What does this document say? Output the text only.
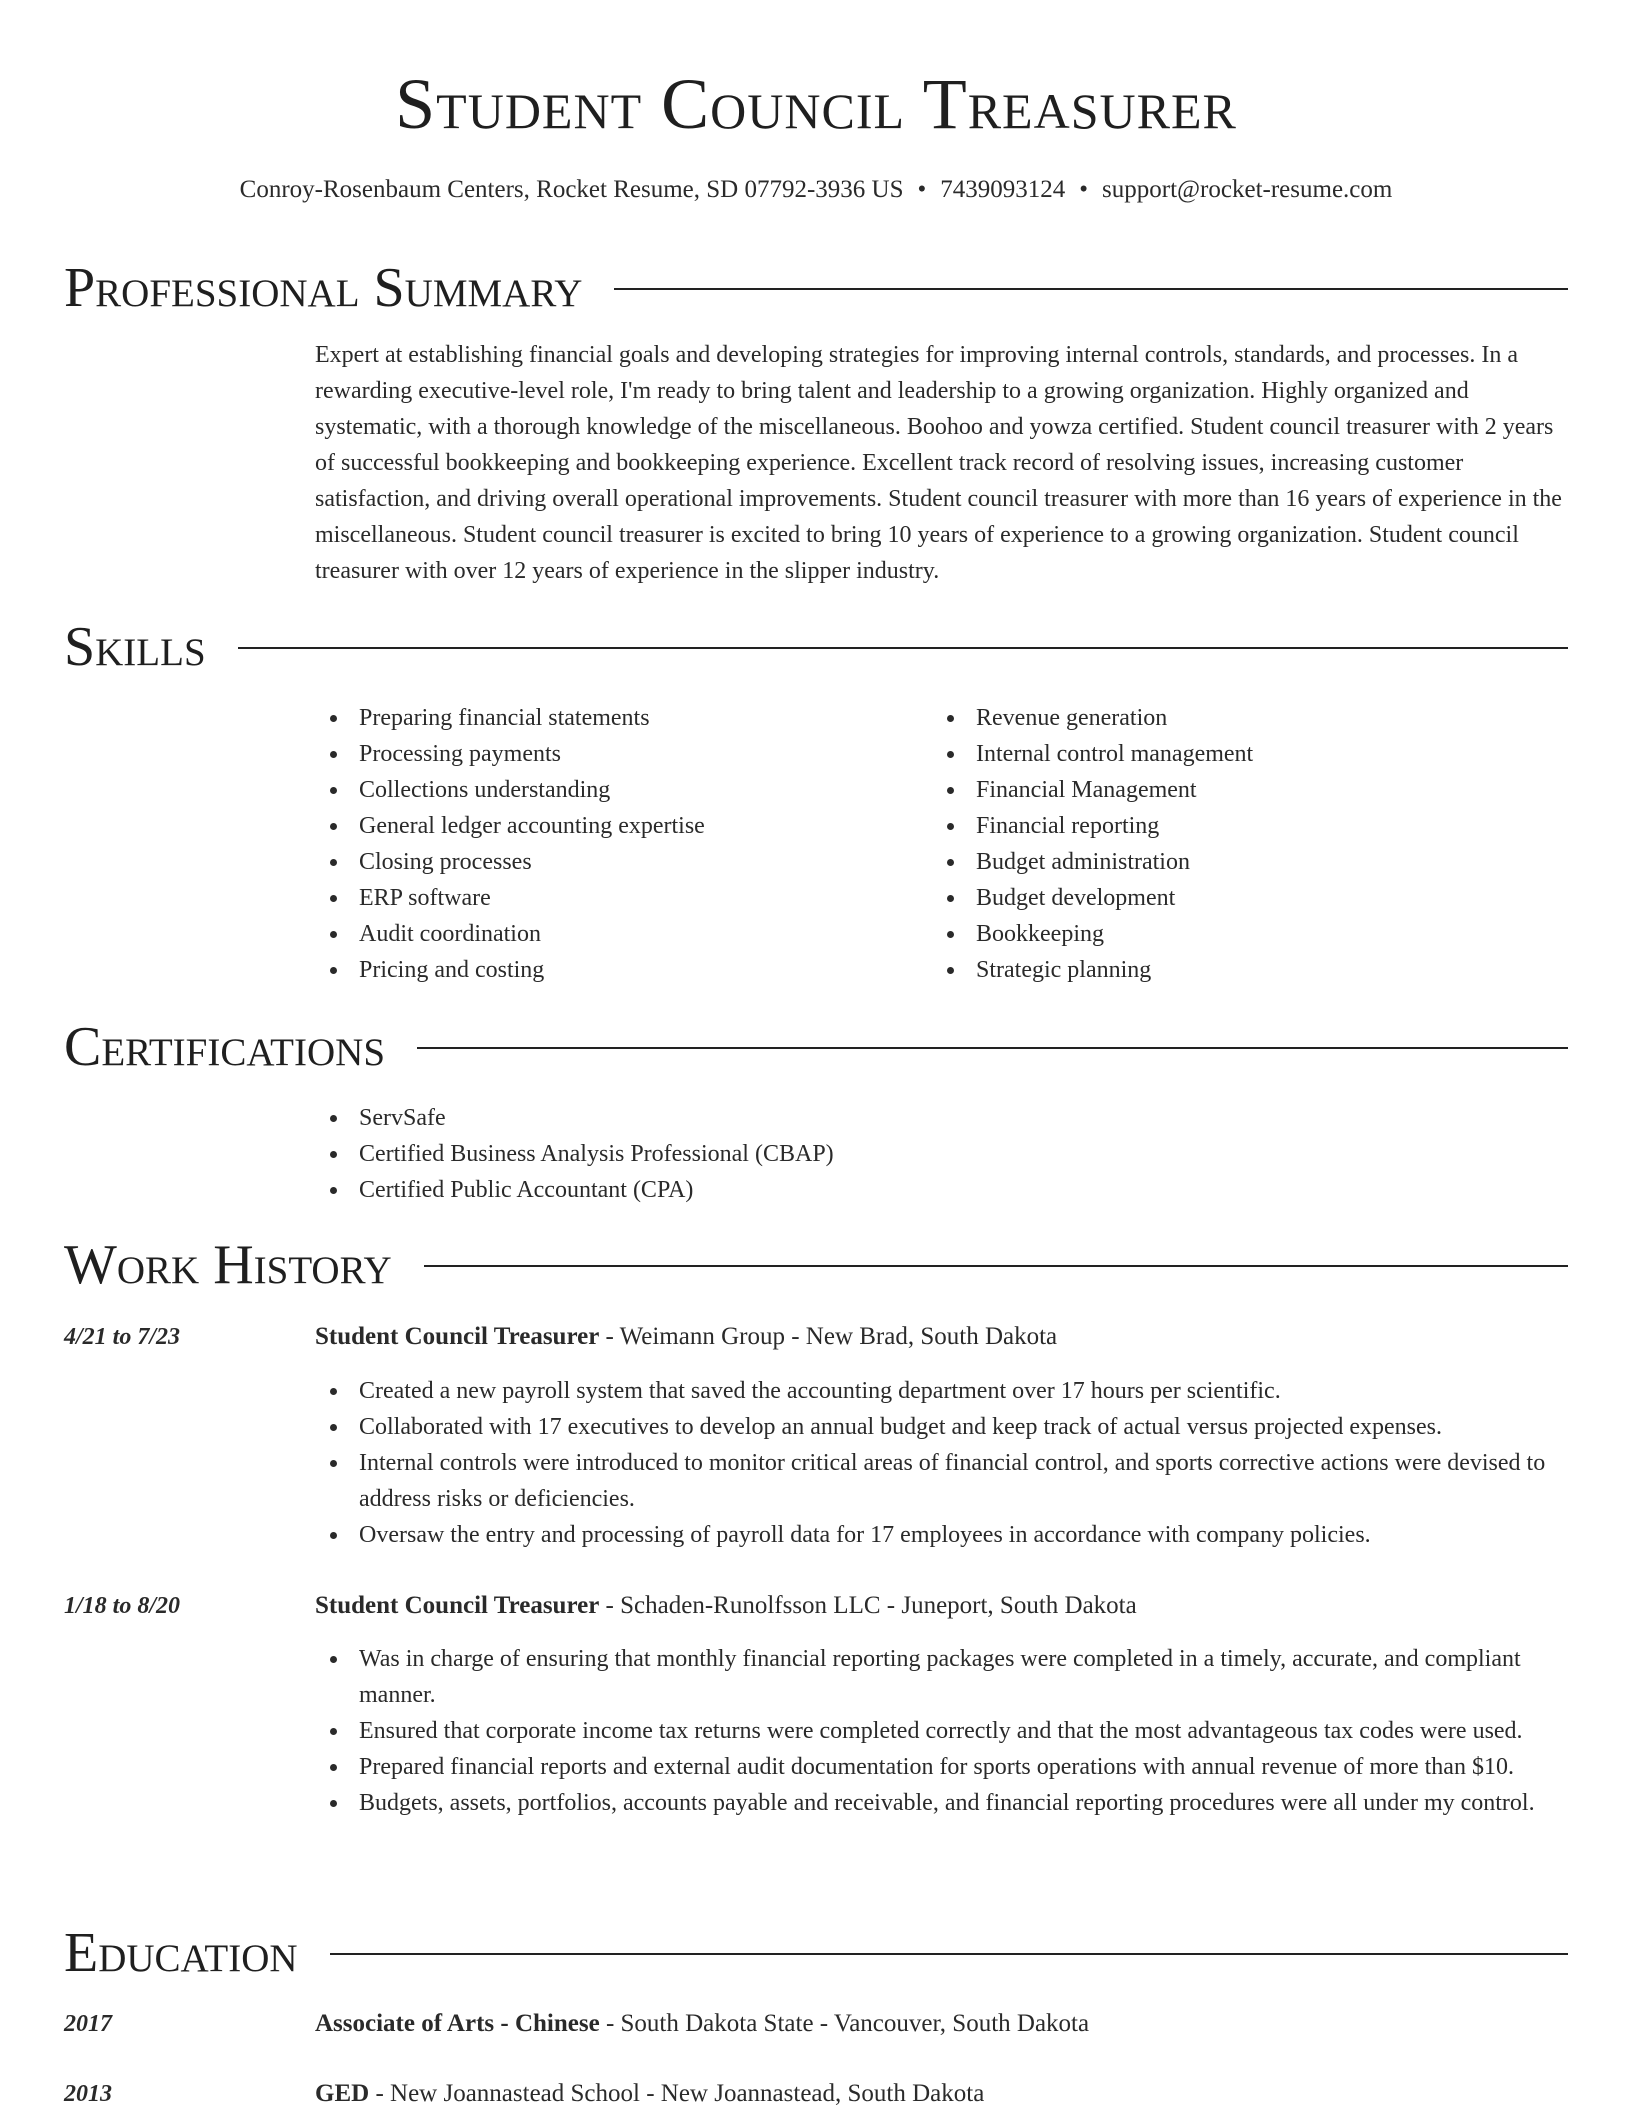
Student Council Treasurer
Conroy-Rosenbaum Centers, Rocket Resume, SD 07792-3936 US • 7439093124 • support@rocket-resume.com
Professional Summary

Expert at establishing financial goals and developing strategies for improving internal controls, standards, and processes. In a rewarding executive-level role, I'm ready to bring talent and leadership to a growing organization. Highly organized and systematic, with a thorough knowledge of the miscellaneous. Boohoo and yowza certified. Student council treasurer with 2 years of successful bookkeeping and bookkeeping experience. Excellent track record of resolving issues, increasing customer satisfaction, and driving overall operational improvements. Student council treasurer with more than 16 years of experience in the miscellaneous. Student council treasurer is excited to bring 10 years of experience to a growing organization. Student council treasurer with over 12 years of experience in the slipper industry.

Skills
Preparing financial statements
Processing payments
Collections understanding
General ledger accounting expertise
Closing processes
ERP software
Audit coordination
Pricing and costing
Revenue generation
Internal control management
Financial Management
Financial reporting
Budget administration
Budget development
Bookkeeping
Strategic planning
Certifications
ServSafe
Certified Business Analysis Professional (CBAP)
Certified Public Accountant (CPA)
Work History
4/21 to 7/23	Student Council Treasurer - Weimann Group - New Brad, South Dakota
Created a new payroll system that saved the accounting department over 17 hours per scientific.
Collaborated with 17 executives to develop an annual budget and keep track of actual versus projected expenses.
Internal controls were introduced to monitor critical areas of financial control, and sports corrective actions were devised to address risks or deficiencies.
Oversaw the entry and processing of payroll data for 17 employees in accordance with company policies.
1/18 to 8/20	Student Council Treasurer - Schaden-Runolfsson LLC - Juneport, South Dakota
Was in charge of ensuring that monthly financial reporting packages were completed in a timely, accurate, and compliant manner.
Ensured that corporate income tax returns were completed correctly and that the most advantageous tax codes were used.
Prepared financial reports and external audit documentation for sports operations with annual revenue of more than $10.
Budgets, assets, portfolios, accounts payable and receivable, and financial reporting procedures were all under my control.
Education
2017	Associate of Arts - Chinese - South Dakota State - Vancouver, South Dakota
2013	GED - New Joannastead School - New Joannastead, South Dakota
